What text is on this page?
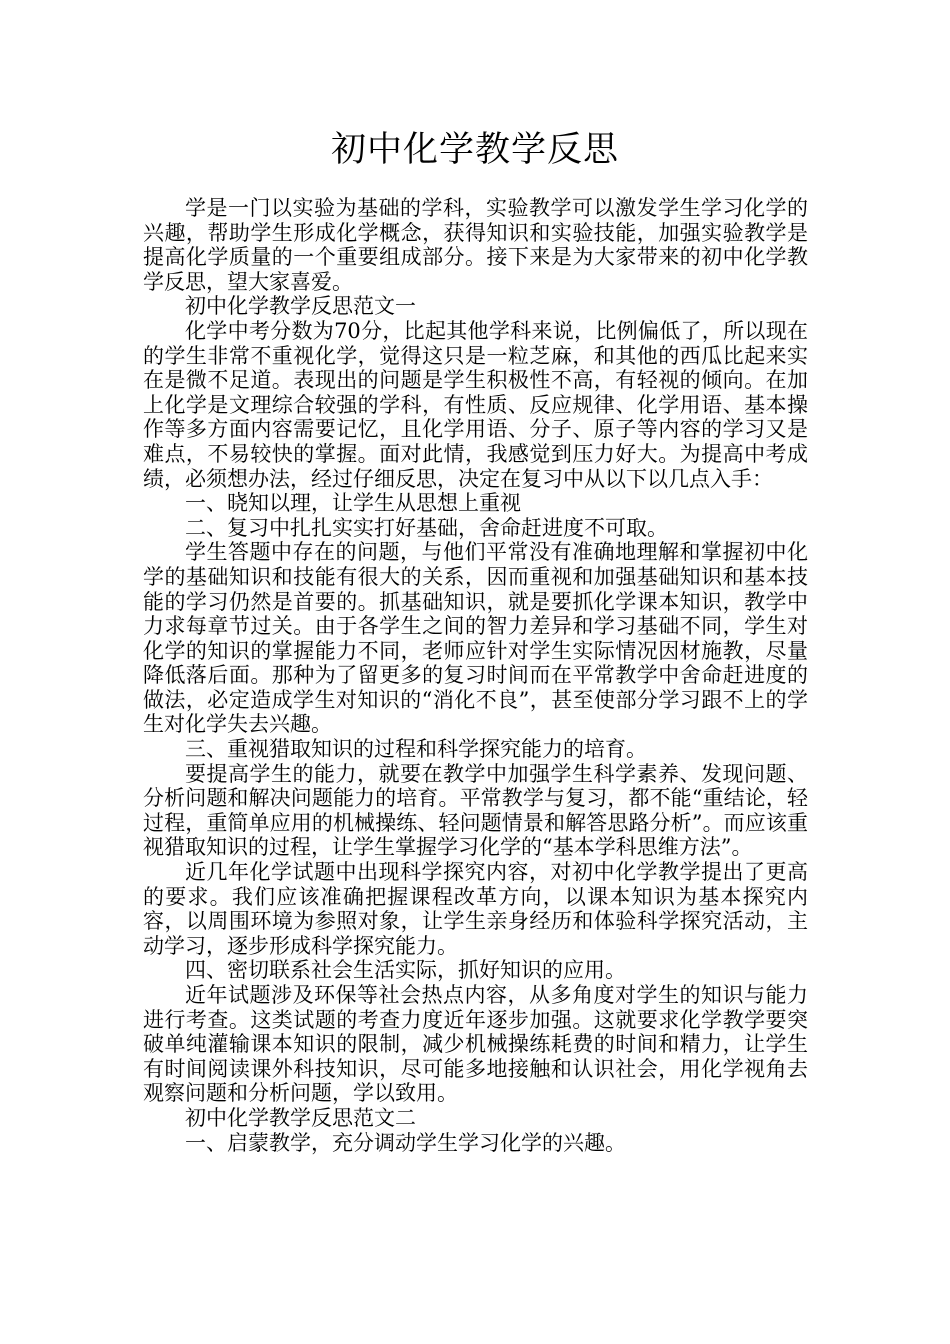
初中化学教学反思

学是一门以实验为基础的学科，实验教学可以激发学生学习化学的兴趣，帮助学生形成化学概念，获得知识和实验技能，加强实验教学是提高化学质量的一个重要组成部分。接下来是为大家带来的初中化学教学反思，望大家喜爱。

初中化学教学反思范文一

化学中考分数为70分，比起其他学科来说，比例偏低了，所以现在的学生非常不重视化学，觉得这只是一粒芝麻，和其他的西瓜比起来实在是微不足道。表现出的问题是学生积极性不高，有轻视的倾向。在加上化学是文理综合较强的学科，有性质、反应规律、化学用语、基本操作等多方面内容需要记忆，且化学用语、分子、原子等内容的学习又是难点，不易较快的掌握。面对此情，我感觉到压力好大。为提高中考成绩，必须想办法，经过仔细反思，决定在复习中从以下以几点入手：

一、晓知以理，让学生从思想上重视

二、复习中扎扎实实打好基础，舍命赶进度不可取。

学生答题中存在的问题，与他们平常没有准确地理解和掌握初中化学的基础知识和技能有很大的关系，因而重视和加强基础知识和基本技能的学习仍然是首要的。抓基础知识，就是要抓化学课本知识，教学中力求每章节过关。由于各学生之间的智力差异和学习基础不同，学生对化学的知识的掌握能力不同，老师应针对学生实际情况因材施教，尽量降低落后面。那种为了留更多的复习时间而在平常教学中舍命赶进度的做法，必定造成学生对知识的“消化不良”，甚至使部分学习跟不上的学生对化学失去兴趣。

三、重视猎取知识的过程和科学探究能力的培育。

要提高学生的能力，就要在教学中加强学生科学素养、发现问题、分析问题和解决问题能力的培育。平常教学与复习，都不能“重结论，轻过程，重简单应用的机械操练、轻问题情景和解答思路分析”。而应该重视猎取知识的过程，让学生掌握学习化学的“基本学科思维方法”。

近几年化学试题中出现科学探究内容，对初中化学教学提出了更高的要求。我们应该准确把握课程改革方向，以课本知识为基本探究内容，以周围环境为参照对象，让学生亲身经历和体验科学探究活动，主动学习，逐步形成科学探究能力。

四、密切联系社会生活实际，抓好知识的应用。

近年试题涉及环保等社会热点内容，从多角度对学生的知识与能力进行考查。这类试题的考查力度近年逐步加强。这就要求化学教学要突破单纯灌输课本知识的限制，减少机械操练耗费的时间和精力，让学生有时间阅读课外科技知识，尽可能多地接触和认识社会，用化学视角去观察问题和分析问题，学以致用。

初中化学教学反思范文二

一、启蒙教学，充分调动学生学习化学的兴趣。
